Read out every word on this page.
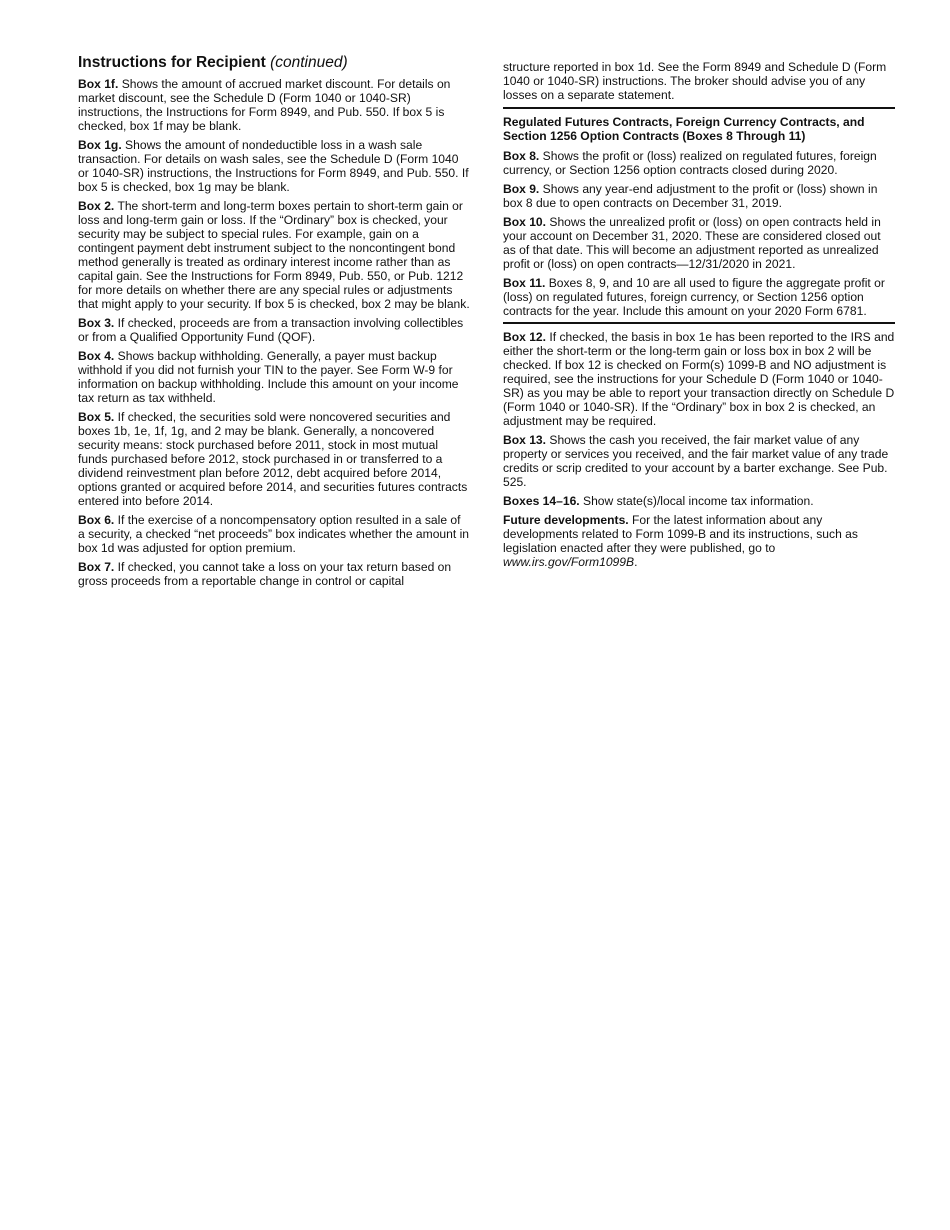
Instructions for Recipient (continued)

Box 1f. Shows the amount of accrued market discount. For details on market discount, see the Schedule D (Form 1040 or 1040-SR) instructions, the Instructions for Form 8949, and Pub. 550. If box 5 is checked, box 1f may be blank.

Box 1g. Shows the amount of nondeductible loss in a wash sale transaction. For details on wash sales, see the Schedule D (Form 1040 or 1040-SR) instructions, the Instructions for Form 8949, and Pub. 550. If box 5 is checked, box 1g may be blank.

Box 2. The short-term and long-term boxes pertain to short-term gain or loss and long-term gain or loss. If the “Ordinary” box is checked, your security may be subject to special rules. For example, gain on a contingent payment debt instrument subject to the noncontingent bond method generally is treated as ordinary interest income rather than as capital gain. See the Instructions for Form 8949, Pub. 550, or Pub. 1212 for more details on whether there are any special rules or adjustments that might apply to your security. If box 5 is checked, box 2 may be blank.

Box 3. If checked, proceeds are from a transaction involving collectibles or from a Qualified Opportunity Fund (QOF).

Box 4. Shows backup withholding. Generally, a payer must backup withhold if you did not furnish your TIN to the payer. See Form W-9 for information on backup withholding. Include this amount on your income tax return as tax withheld.

Box 5. If checked, the securities sold were noncovered securities and boxes 1b, 1e, 1f, 1g, and 2 may be blank. Generally, a noncovered security means: stock purchased before 2011, stock in most mutual funds purchased before 2012, stock purchased in or transferred to a dividend reinvestment plan before 2012, debt acquired before 2014, options granted or acquired before 2014, and securities futures contracts entered into before 2014.

Box 6. If the exercise of a noncompensatory option resulted in a sale of a security, a checked “net proceeds” box indicates whether the amount in box 1d was adjusted for option premium.

Box 7. If checked, you cannot take a loss on your tax return based on gross proceeds from a reportable change in control or capital

structure reported in box 1d. See the Form 8949 and Schedule D (Form 1040 or 1040-SR) instructions. The broker should advise you of any losses on a separate statement.

Regulated Futures Contracts, Foreign Currency Contracts, and Section 1256 Option Contracts (Boxes 8 Through 11)

Box 8. Shows the profit or (loss) realized on regulated futures, foreign currency, or Section 1256 option contracts closed during 2020.

Box 9. Shows any year-end adjustment to the profit or (loss) shown in box 8 due to open contracts on December 31, 2019.

Box 10. Shows the unrealized profit or (loss) on open contracts held in your account on December 31, 2020. These are considered closed out as of that date. This will become an adjustment reported as unrealized profit or (loss) on open contracts—12/31/2020 in 2021.

Box 11. Boxes 8, 9, and 10 are all used to figure the aggregate profit or (loss) on regulated futures, foreign currency, or Section 1256 option contracts for the year. Include this amount on your 2020 Form 6781.

Box 12. If checked, the basis in box 1e has been reported to the IRS and either the short-term or the long-term gain or loss box in box 2 will be checked. If box 12 is checked on Form(s) 1099-B and NO adjustment is required, see the instructions for your Schedule D (Form 1040 or 1040-SR) as you may be able to report your transaction directly on Schedule D (Form 1040 or 1040-SR). If the “Ordinary” box in box 2 is checked, an adjustment may be required.

Box 13. Shows the cash you received, the fair market value of any property or services you received, and the fair market value of any trade credits or scrip credited to your account by a barter exchange. See Pub. 525.

Boxes 14–16. Show state(s)/local income tax information.

Future developments. For the latest information about any developments related to Form 1099-B and its instructions, such as legislation enacted after they were published, go to www.irs.gov/Form1099B.
